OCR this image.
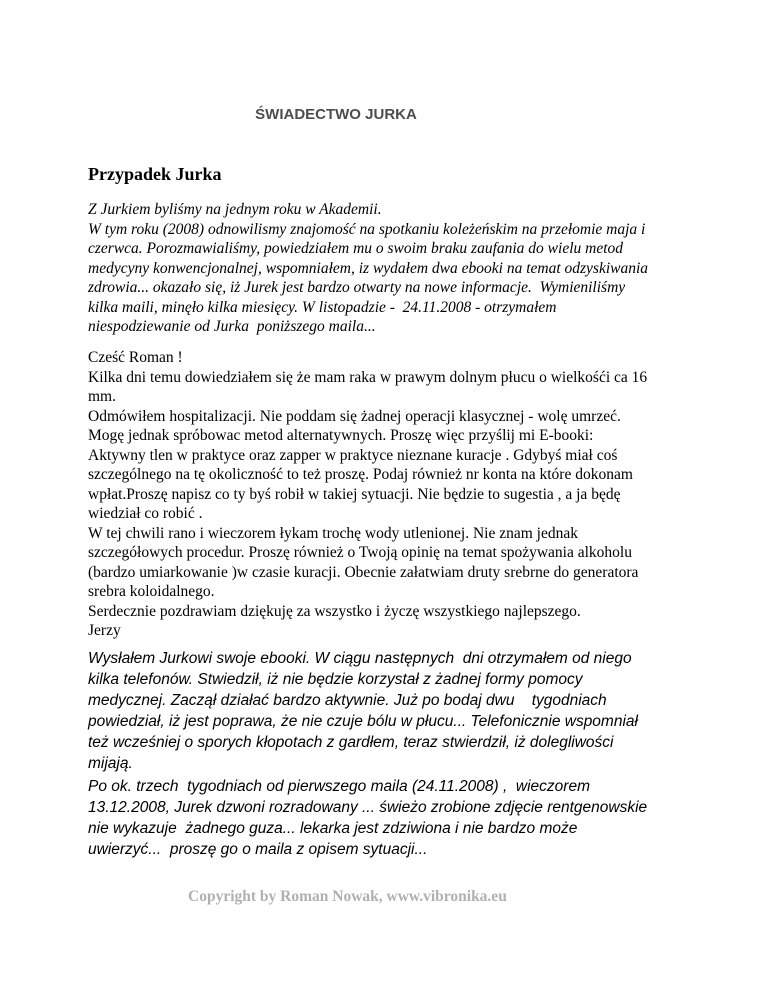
ŚWIADECTWO JURKA
Przypadek Jurka
Z Jurkiem byliśmy na jednym roku w Akademii.
W tym roku (2008) odnowilismy znajomość na spotkaniu koleżeńskim na przełomie maja i
czerwca. Porozmawialiśmy, powiedziałem mu o swoim braku zaufania do wielu metod
medycyny konwencjonalnej, wspomniałem, iz wydałem dwa ebooki na temat odzyskiwania
zdrowia... okazało się, iż Jurek jest bardzo otwarty na nowe informacje.  Wymieniliśmy
kilka maili, minęło kilka miesięcy. W listopadzie -  24.11.2008 - otrzymałem
niespodziewanie od Jurka  poniższego maila...
Cześć Roman !
Kilka dni temu dowiedziałem się że mam raka w prawym dolnym płucu o wielkośći ca 16
mm.
Odmówiłem hospitalizacji. Nie poddam się żadnej operacji klasycznej - wolę umrzeć.
Mogę jednak spróbowac metod alternatywnych. Proszę więc przyślij mi E-booki:
Aktywny tlen w praktyce oraz zapper w praktyce nieznane kuracje . Gdybyś miał coś
szczególnego na tę okoliczność to też proszę. Podaj również nr konta na które dokonam
wpłat.Proszę napisz co ty byś robił w takiej sytuacji. Nie będzie to sugestia , a ja będę
wiedział co robić .
W tej chwili rano i wieczorem łykam trochę wody utlenionej. Nie znam jednak
szczegółowych procedur. Proszę również o Twoją opinię na temat spożywania alkoholu
(bardzo umiarkowanie )w czasie kuracji. Obecnie załatwiam druty srebrne do generatora
srebra koloidalnego.
Serdecznie pozdrawiam dziękuję za wszystko i życzę wszystkiego najlepszego.
Jerzy
Wysłałem Jurkowi swoje ebooki. W ciągu następnych  dni otrzymałem od niego
kilka telefonów. Stwiedził, iż nie będzie korzystał z żadnej formy pomocy
medycznej. Zaczął działać bardzo aktywnie. Już po bodaj dwu    tygodniach
powiedział, iż jest poprawa, że nie czuje bólu w płucu... Telefonicznie wspomniał
też wcześniej o sporych kłopotach z gardłem, teraz stwierdził, iż dolegliwości
mijają.
Po ok. trzech  tygodniach od pierwszego maila (24.11.2008) ,  wieczorem
13.12.2008, Jurek dzwoni rozradowany ... świeżo zrobione zdjęcie rentgenowskie
nie wykazuje  żadnego guza... lekarka jest zdziwiona i nie bardzo może
uwierzyć...  proszę go o maila z opisem sytuacji...
Copyright by Roman Nowak, www.vibronika.eu
